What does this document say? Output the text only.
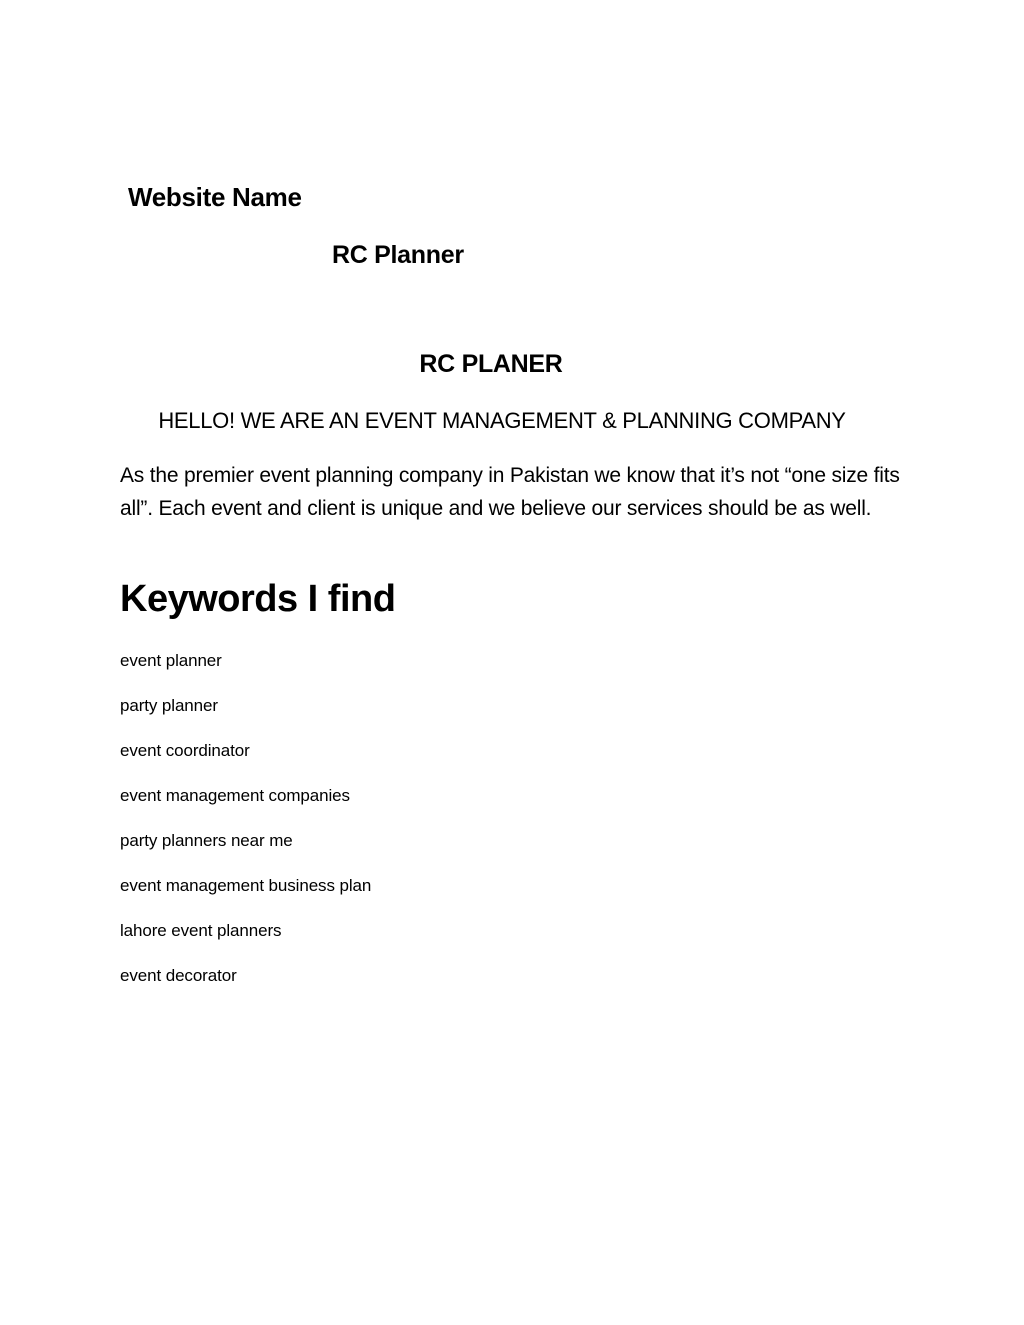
Website Name
RC Planner
RC PLANER
HELLO! WE ARE AN EVENT MANAGEMENT & PLANNING COMPANY

As the premier event planning company in Pakistan we know that it’s not “one size fits all”. Each event and client is unique and we believe our services should be as well.

Keywords I find
event planner
party planner
event coordinator
event management companies
party planners near me
event management business plan
lahore event planners
event decorator
